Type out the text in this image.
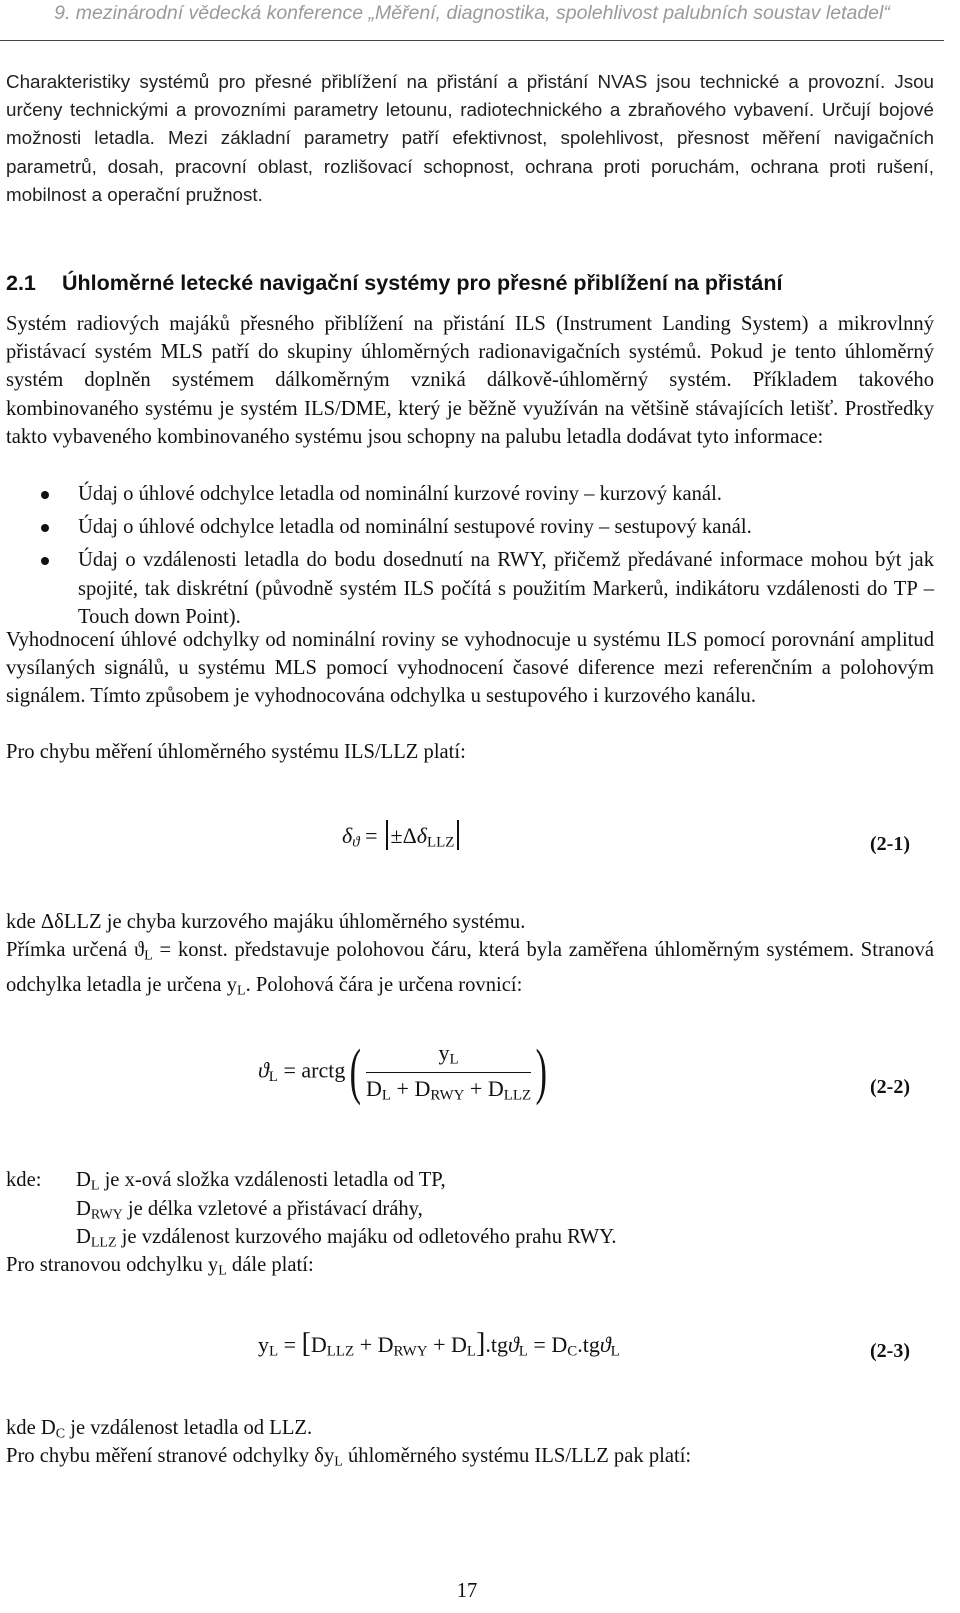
9. mezinárodní vědecká konference „Měření, diagnostika, spolehlivost palubních soustav letadel“
Charakteristiky systémů pro přesné přiblížení na přistání a přistání NVAS jsou technické a provozní. Jsou určeny technickými a provozními parametry letounu, radiotechnického a zbraňového vybavení. Určují bojové možnosti letadla. Mezi základní parametry patří efektivnost, spolehlivost, přesnost měření navigačních parametrů, dosah, pracovní oblast, rozlišovací schopnost, ochrana proti poruchám, ochrana proti rušení, mobilnost a operační pružnost.
2.1 Úhloměrné letecké navigační systémy pro přesné přiblížení na přistání
Systém radiových majáků přesného přiblížení na přistání ILS (Instrument Landing System) a mikrovlnný přistávací systém MLS patří do skupiny úhloměrných radionavigačních systémů. Pokud je tento úhloměrný systém doplněn systémem dálkoměrným vzniká dálkově-úhloměrný systém. Příkladem takového kombinovaného systému je systém ILS/DME, který je běžně využíván na většině stávajících letišť. Prostředky takto vybaveného kombinovaného systému jsou schopny na palubu letadla dodávat tyto informace:
Údaj o úhlové odchylce letadla od nominální kurzové roviny – kurzový kanál.
Údaj o úhlové odchylce letadla od nominální sestupové roviny – sestupový kanál.
Údaj o vzdálenosti letadla do bodu dosednutí na RWY, přičemž předávané informace mohou být jak spojité, tak diskrétní (původně systém ILS počítá s použitím Markerů, indikátoru vzdálenosti do TP – Touch down Point).
Vyhodnocení úhlové odchylky od nominální roviny se vyhodnocuje u systému ILS pomocí porovnání amplitud vysílaných signálů, u systému MLS pomocí vyhodnocení časové diference mezi referenčním a polohovým signálem. Tímto způsobem je vyhodnocována odchylka u sestupového i kurzového kanálu.
Pro chybu měření úhloměrného systému ILS/LLZ platí:
$\delta_ϑ = \pm\Delta\delta_{LLZ}$	(2-1)
kde ΔδLLZ je chyba kurzového majáku úhloměrného systému.
Přímka určená $ϑ_L$ = konst. představuje polohovou čáru, která byla zaměřena úhloměrným systémem. Stranová odchylka letadla je určena $y_L$. Polohová čára je určena rovnicí:
$ϑ_L$ = arctg( $\frac{y_L}{D_L + D_{RWY} + D_{LLZ}}$ )	(2-2)
kde: $D_L$ je x-ová složka vzdálenosti letadla od TP,
$D_{RWY}$ je délka vzletové a přistávací dráhy,
$D_{LLZ}$ je vzdálenost kurzového majáku od odletového prahu RWY.
Pro stranovou odchylku $y_L$ dále platí:
$y_L = [D_{LLZ} + D_{RWY} + D_L].tgϑ_L = D_C.tgϑ_L$	(2-3)
kde $D_C$ je vzdálenost letadla od LLZ.
Pro chybu měření stranové odchylky $\delta y_L$ úhloměrného systému ILS/LLZ pak platí:
17
